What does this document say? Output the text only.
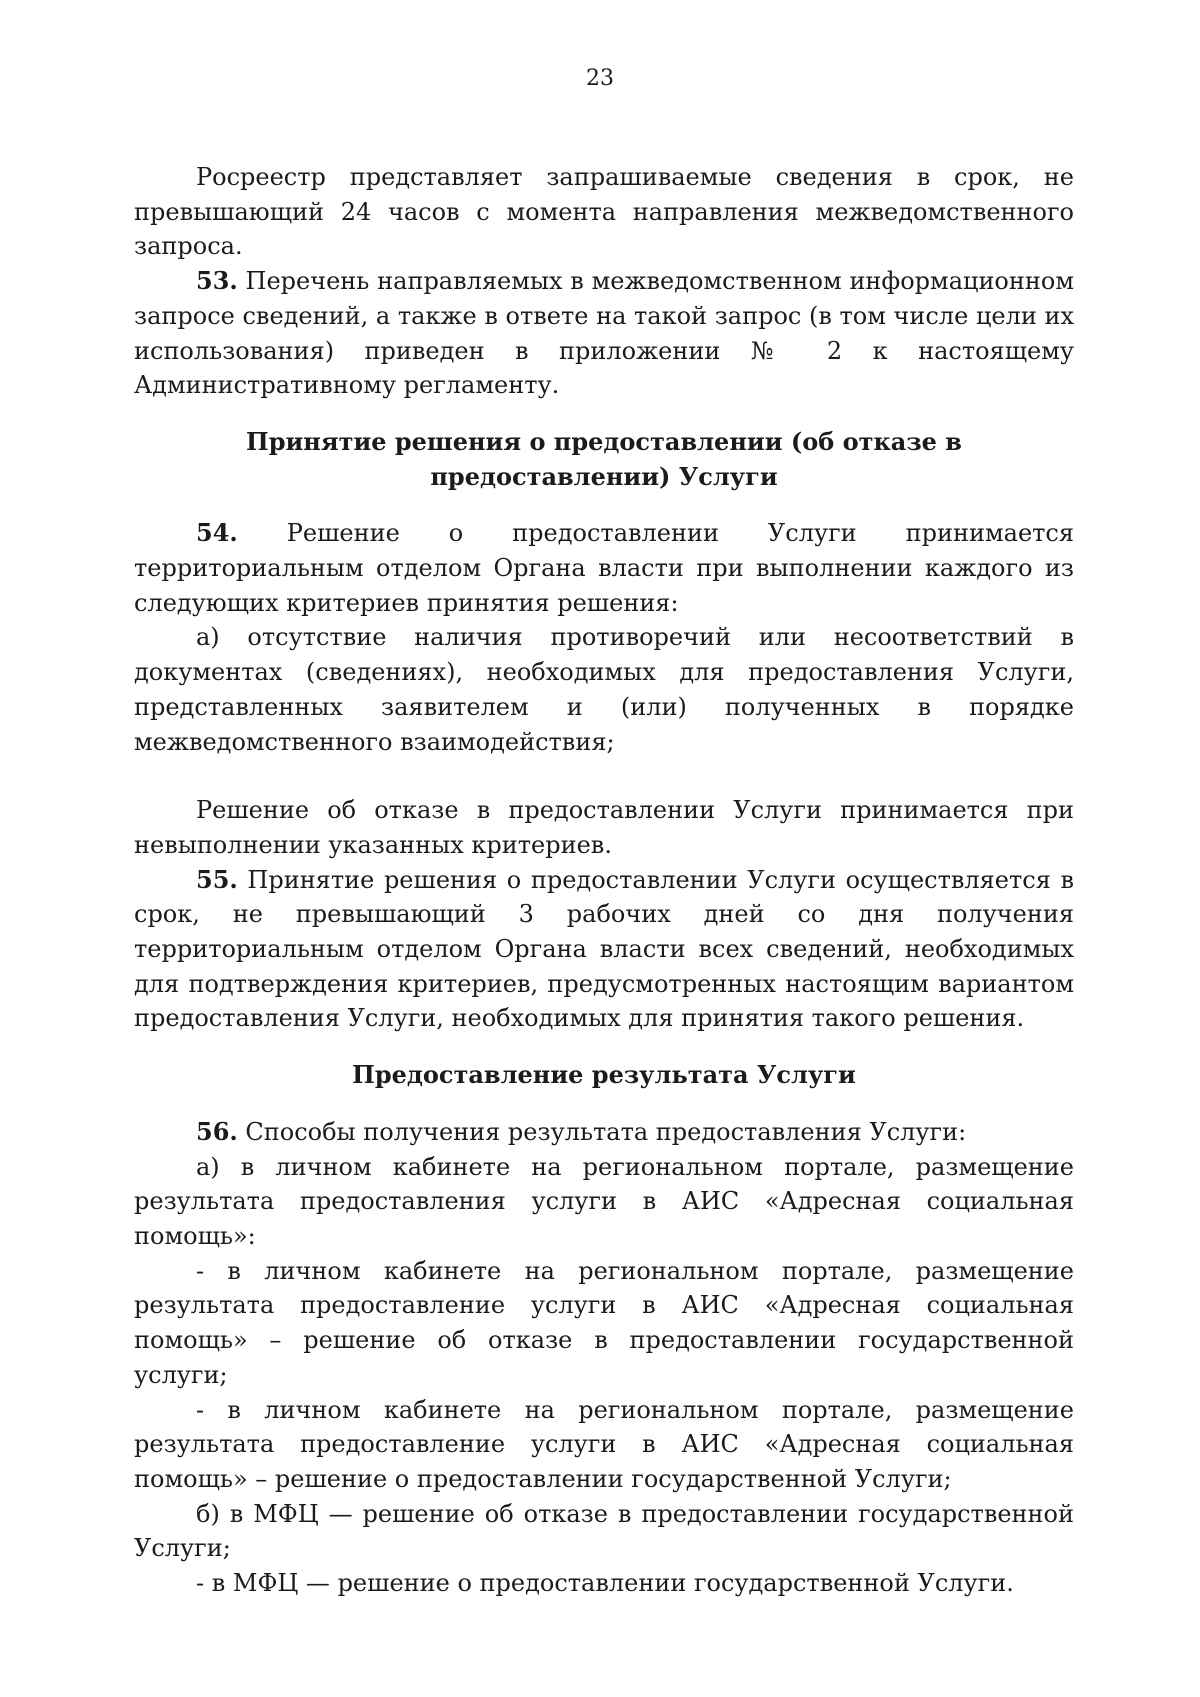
23

Росреестр представляет запрашиваемые сведения в срок, не превышающий 24 часов с момента направления межведомственного запроса.

53. Перечень направляемых в межведомственном информационном запросе сведений, а также в ответе на такой запрос (в том числе цели их использования) приведен в приложении № 2 к настоящему Административному регламенту.

Принятие решения о предоставлении (об отказе в предоставлении) Услуги

54. Решение о предоставлении Услуги принимается территориальным отделом Органа власти при выполнении каждого из следующих критериев принятия решения:

а) отсутствие наличия противоречий или несоответствий в документах (сведениях), необходимых для предоставления Услуги, представленных заявителем и (или) полученных в порядке межведомственного взаимодействия;

Решение об отказе в предоставлении Услуги принимается при невыполнении указанных критериев.

55. Принятие решения о предоставлении Услуги осуществляется в срок, не превышающий 3 рабочих дней со дня получения территориальным отделом Органа власти всех сведений, необходимых для подтверждения критериев, предусмотренных настоящим вариантом предоставления Услуги, необходимых для принятия такого решения.

Предоставление результата Услуги

56. Способы получения результата предоставления Услуги:

а) в личном кабинете на региональном портале, размещение результата предоставления услуги в АИС «Адресная социальная помощь»:

- в личном кабинете на региональном портале, размещение результата предоставление услуги в АИС «Адресная социальная помощь» – решение об отказе в предоставлении государственной услуги;

- в личном кабинете на региональном портале, размещение результата предоставление услуги в АИС «Адресная социальная помощь» – решение о предоставлении государственной Услуги;

б) в МФЦ — решение об отказе в предоставлении государственной Услуги;

- в МФЦ — решение о предоставлении государственной Услуги.
